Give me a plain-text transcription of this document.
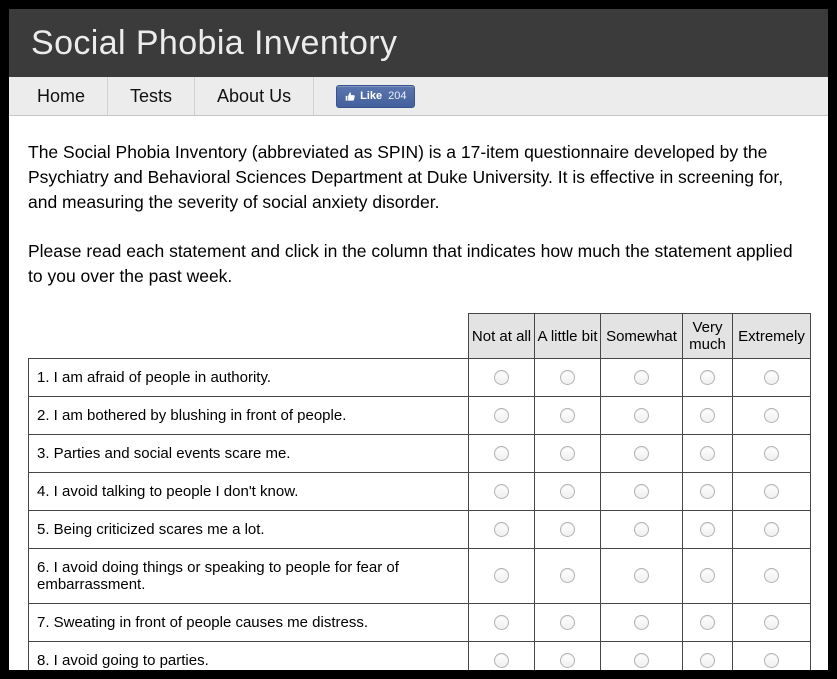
Social Phobia Inventory
Home	Tests	About Us	Like 204

The Social Phobia Inventory (abbreviated as SPIN) is a 17-item questionnaire developed by the Psychiatry and Behavioral Sciences Department at Duke University. It is effective in screening for, and measuring the severity of social anxiety disorder.

Please read each statement and click in the column that indicates how much the statement applied to you over the past week.

	Not at all	A little bit	Somewhat	Very much	Extremely
1. I am afraid of people in authority.					
2. I am bothered by blushing in front of people.					
3. Parties and social events scare me.					
4. I avoid talking to people I don't know.					
5. Being criticized scares me a lot.					
6. I avoid doing things or speaking to people for fear of embarrassment.					
7. Sweating in front of people causes me distress.					
8. I avoid going to parties.					
